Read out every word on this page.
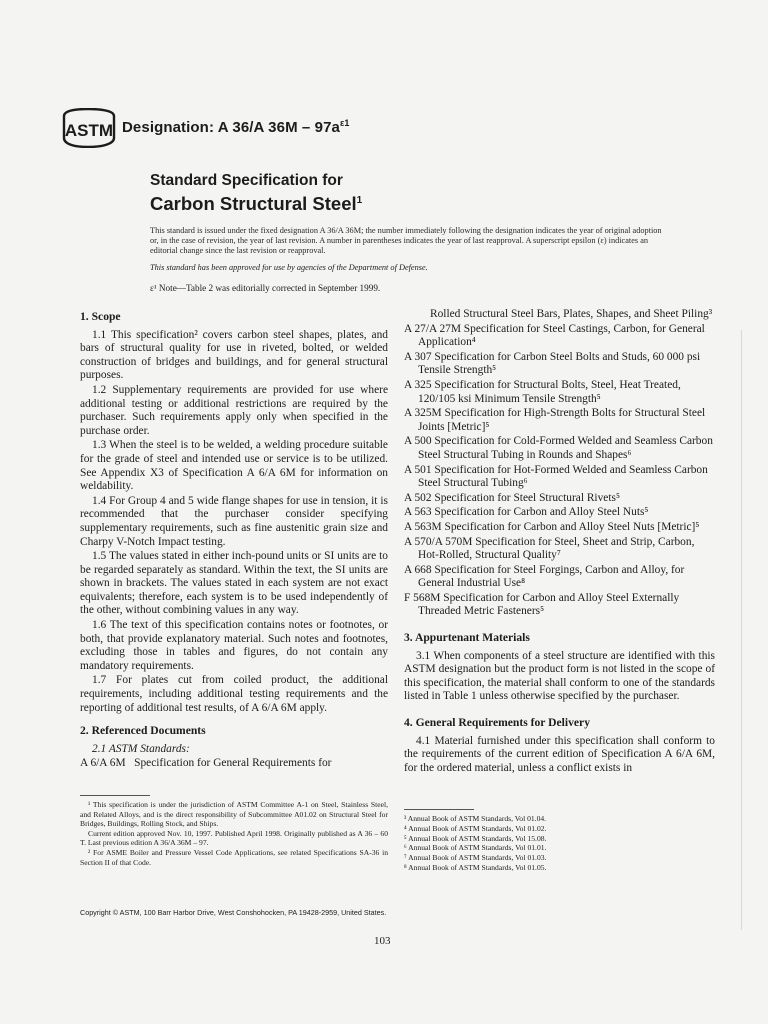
ASTM Designation: A 36/A $36M - 97a^{\varepsilon 1}$
Standard Specification for
Carbon Structural Steel$^1$
This standard is issued under the fixed designation A 36/A 36M; the number immediately following the designation indicates the year of original adoption or, in the case of revision, the year of last revision. A number in parentheses indicates the year of last reapproval. A superscript epsilon (ε) indicates an editorial change since the last revision or reapproval.
This standard has been approved for use by agencies of the Department of Defense.
ε¹ Note—Table 2 was editorially corrected in September 1999.
1. Scope

1.1 This specification² covers carbon steel shapes, plates, and bars of structural quality for use in riveted, bolted, or welded construction of bridges and buildings, and for general structural purposes.

1.2 Supplementary requirements are provided for use where additional testing or additional restrictions are required by the purchaser. Such requirements apply only when specified in the purchase order.

1.3 When the steel is to be welded, a welding procedure suitable for the grade of steel and intended use or service is to be utilized. See Appendix X3 of Specification A 6/A 6M for information on weldability.

1.4 For Group 4 and 5 wide flange shapes for use in tension, it is recommended that the purchaser consider specifying supplementary requirements, such as fine austenitic grain size and Charpy V-Notch Impact testing.

1.5 The values stated in either inch-pound units or SI units are to be regarded separately as standard. Within the text, the SI units are shown in brackets. The values stated in each system are not exact equivalents; therefore, each system is to be used independently of the other, without combining values in any way.

1.6 The text of this specification contains notes or footnotes, or both, that provide explanatory material. Such notes and footnotes, excluding those in tables and figures, do not contain any mandatory requirements.

1.7 For plates cut from coiled product, the additional requirements, including additional testing requirements and the reporting of additional test results, of A 6/A 6M apply.

2. Referenced Documents

2.1 ASTM Standards:

A 6/A 6M   Specification for General Requirements for

Rolled Structural Steel Bars, Plates, Shapes, and Sheet Piling³

A 27/A 27M Specification for Steel Castings, Carbon, for General Application⁴

A 307 Specification for Carbon Steel Bolts and Studs, 60 000 psi Tensile Strength⁵

A 325 Specification for Structural Bolts, Steel, Heat Treated, 120/105 ksi Minimum Tensile Strength⁵

A 325M Specification for High-Strength Bolts for Structural Steel Joints [Metric]⁵

A 500 Specification for Cold-Formed Welded and Seamless Carbon Steel Structural Tubing in Rounds and Shapes⁶

A 501 Specification for Hot-Formed Welded and Seamless Carbon Steel Structural Tubing⁶

A 502 Specification for Steel Structural Rivets⁵

A 563 Specification for Carbon and Alloy Steel Nuts⁵

A 563M Specification for Carbon and Alloy Steel Nuts [Metric]⁵

A 570/A 570M Specification for Steel, Sheet and Strip, Carbon, Hot-Rolled, Structural Quality⁷

A 668 Specification for Steel Forgings, Carbon and Alloy, for General Industrial Use⁸

F 568M Specification for Carbon and Alloy Steel Externally Threaded Metric Fasteners⁵

3. Appurtenant Materials

3.1 When components of a steel structure are identified with this ASTM designation but the product form is not listed in the scope of this specification, the material shall conform to one of the standards listed in Table 1 unless otherwise specified by the purchaser.

4. General Requirements for Delivery

4.1 Material furnished under this specification shall conform to the requirements of the current edition of Specification A 6/A 6M, for the ordered material, unless a conflict exists in

¹ This specification is under the jurisdiction of ASTM Committee A-1 on Steel, Stainless Steel, and Related Alloys, and is the direct responsibility of Subcommittee A01.02 on Structural Steel for Bridges, Buildings, Rolling Stock, and Ships.

Current edition approved Nov. 10, 1997. Published April 1998. Originally published as A 36 – 60 T. Last previous edition A 36/A 36M – 97.

² For ASME Boiler and Pressure Vessel Code Applications, see related Specifications SA-36 in Section II of that Code.

³ Annual Book of ASTM Standards, Vol 01.04.

⁴ Annual Book of ASTM Standards, Vol 01.02.

⁵ Annual Book of ASTM Standards, Vol 15.08.

⁶ Annual Book of ASTM Standards, Vol 01.01.

⁷ Annual Book of ASTM Standards, Vol 01.03.

⁸ Annual Book of ASTM Standards, Vol 01.05.

Copyright © ASTM, 100 Barr Harbor Drive, West Conshohocken, PA 19428-2959, United States.
103
